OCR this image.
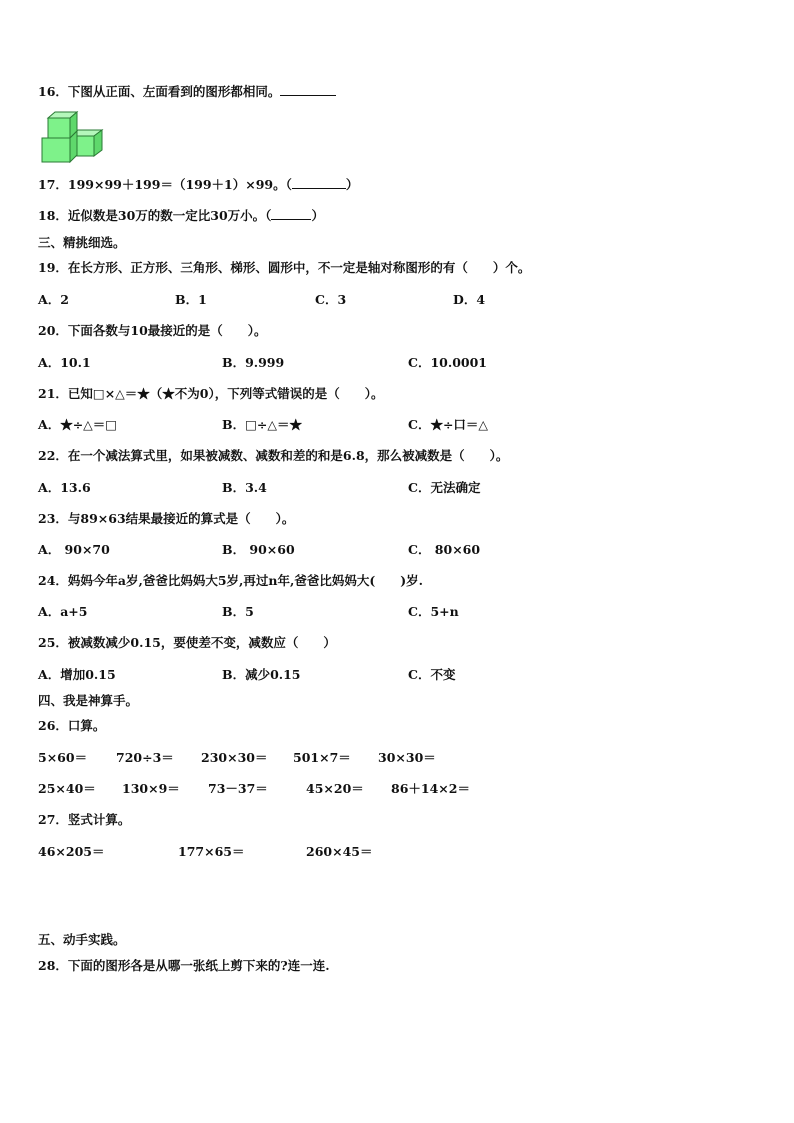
16．下图从正面、左面看到的图形都相同。
17．199×99＋199＝（199＋1）×99。（	）
18．近似数是30万的数一定比30万小。（	）
三、精挑细选。
19．在长方形、正方形、三角形、梯形、圆形中，不一定是轴对称图形的有（　　）个。
A．2	B．1	C．3	D．4
20．下面各数与10最接近的是（　　）。
A．10.1	B．9.999	C．10.0001
21．已知□×△＝★（★不为0），下列等式错误的是（　　）。
A．★÷△＝□	B．□÷△＝★	C．★÷口＝△
22．在一个减法算式里，如果被减数、减数和差的和是6.8，那么被减数是（　　）。
A．13.6	B．3.4	C．无法确定
23．与89×63结果最接近的算式是（　　）。
A． 90×70	B． 90×60	C． 80×60
24．妈妈今年a岁,爸爸比妈妈大5岁,再过n年,爸爸比妈妈大(　　)岁.
A．a+5	B．5	C．5+n
25．被减数减少0.15，要使差不变，减数应（　　）
A．增加0.15	B．减少0.15	C．不变
四、我是神算手。
26．口算。
5×60＝ 720÷3＝ 230×30＝ 501×7＝ 30×30＝
25×40＝ 130×9＝ 73－37＝	45×20＝ 86＋14×2＝
27．竖式计算。
46×205＝	177×65＝	260×45＝
五、动手实践。
28．下面的图形各是从哪一张纸上剪下来的?连一连.
